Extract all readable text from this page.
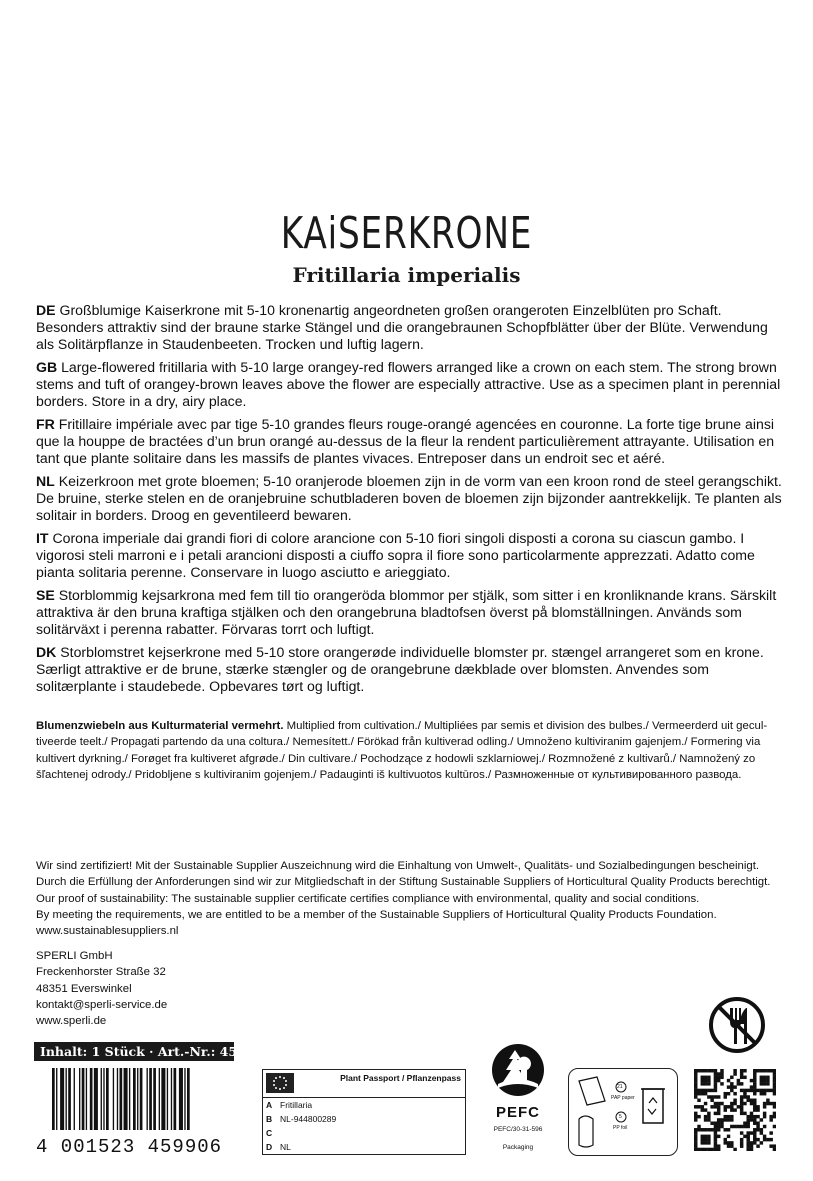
KAiSERKRONE
Fritillaria imperialis

DE Großblumige Kaiserkrone mit 5-10 kronenartig angeordneten großen orangeroten Einzelblüten pro Schaft. Besonders attraktiv sind der braune starke Stängel und die orangebraunen Schopfblätter über der Blüte. Verwendung als Solitärpflanze in Staudenbeeten. Trocken und luftig lagern.

GB Large-flowered fritillaria with 5-10 large orangey-red flowers arranged like a crown on each stem. The strong brown stems and tuft of orangey-brown leaves above the flower are especially attractive. Use as a specimen plant in perennial borders. Store in a dry, airy place.

FR Fritillaire impériale avec par tige 5-10 grandes fleurs rouge-orangé agencées en couronne. La forte tige brune ainsi que la houppe de bractées d’un brun orangé au-dessus de la fleur la rendent particulièrement attrayante. Utilisation en tant que plante solitaire dans les massifs de plantes vivaces. Entreposer dans un endroit sec et aéré.

NL Keizerkroon met grote bloemen; 5-10 oranjerode bloemen zijn in de vorm van een kroon rond de steel gerangschikt. De bruine, sterke stelen en de oranjebruine schutbladeren boven de bloemen zijn bijzonder aantrekkelijk. Te planten als solitair in borders. Droog en geventileerd bewaren.

IT Corona imperiale dai grandi fiori di colore arancione con 5-10 fiori singoli disposti a corona su ciascun gambo. I vigorosi steli marroni e i petali arancioni disposti a ciuffo sopra il fiore sono particolarmente apprezzati. Adatto come pianta solitaria perenne. Conservare in luogo asciutto e arieggiato.

SE Storblommig kejsarkrona med fem till tio orangeröda blommor per stjälk, som sitter i en kronliknande krans. Särskilt attraktiva är den bruna kraftiga stjälken och den orangebruna bladtofsen överst på blomställningen. Används som solitärväxt i perenna rabatter. Förvaras torrt och luftigt.

DK Storblomstret kejserkrone med 5-10 store orangerøde individuelle blomster pr. stængel arrangeret som en krone. Særligt attraktive er de brune, stærke stængler og de orangebrune dækblade over blomsten. Anvendes som solitærplante i staudebede. Opbevares tørt og luftigt.

Blumenzwiebeln aus Kulturmaterial vermehrt. Multiplied from cultivation./ Multipliées par semis et division des bulbes./ Vermeerderd uit gecultiveerde teelt./ Propagati partendo da una coltura./ Nemesített./ Förökad från kultiverad odling./ Umnoženo kultiviranim gajenjem./ Formering via kultivert dyrkning./ Forøget fra kultiveret afgrøde./ Din cultivare./ Pochodzące z hodowli szklarniowej./ Rozmnožené z kultivarů./ Namnožený zo šľachtenej odrody./ Pridobljene s kultiviranim gojenjem./ Padauginti iš kultivuotos kultūros./ Размноженные от культивированного разводa.

Wir sind zertifiziert! Mit der Sustainable Supplier Auszeichnung wird die Einhaltung von Umwelt-, Qualitäts- und Sozialbedingungen bescheinigt.
Durch die Erfüllung der Anforderungen sind wir zur Mitgliedschaft in der Stiftung Sustainable Suppliers of Horticultural Quality Products berechtigt.
Our proof of sustainability: The sustainable supplier certificate certifies compliance with environmental, quality and social conditions.
By meeting the requirements, we are entitled to be a member of the Sustainable Suppliers of Horticultural Quality Products Foundation.
www.sustainablesuppliers.nl
SPERLI GmbH
Freckenhorster Straße 32
48351 Everswinkel
kontakt@sperli-service.de
www.sperli.de
Inhalt: 1 Stück · Art.-Nr.: 459906
4 001523 459906
Plant Passport / Pflanzenpass
A Fritillaria
B NL-944800289
C
D NL
PEFC
PEFC/30-31-596
Packaging
21
PAP paper
5
PP foil
